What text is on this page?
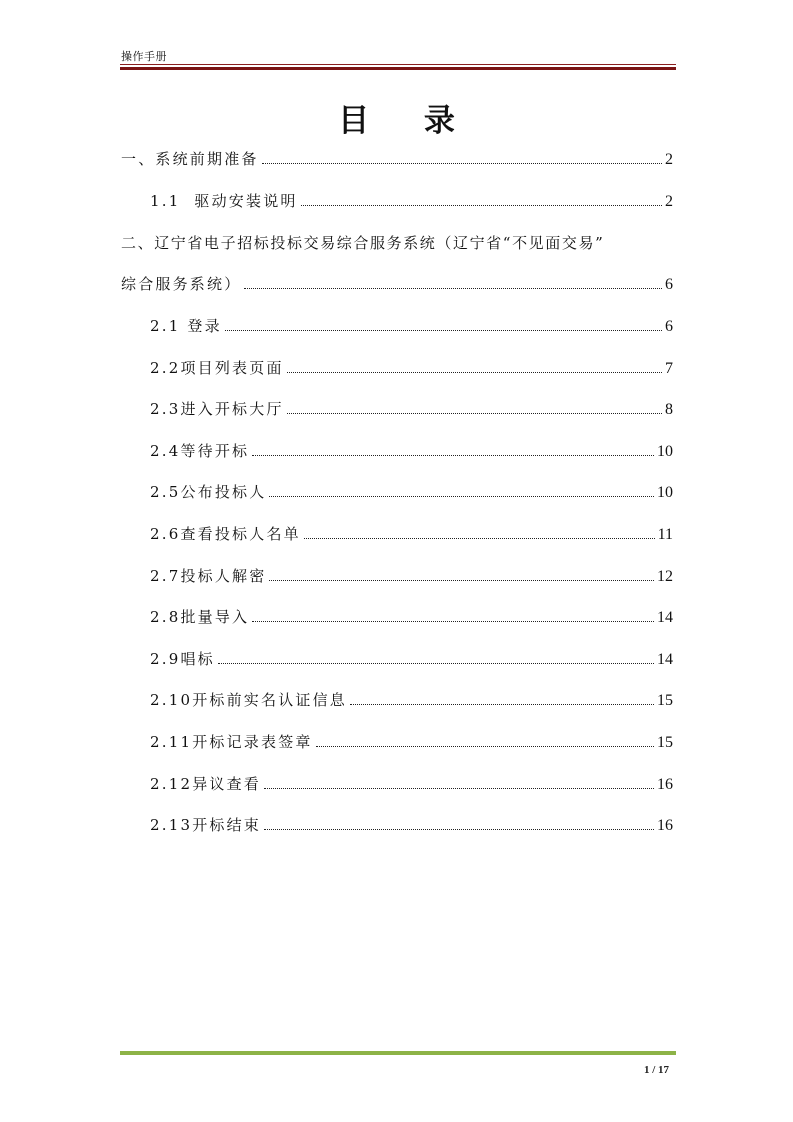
操作手册
目 录
一、系统前期准备	2
1.1  驱动安装说明	2
二、辽宁省电子招标投标交易综合服务系统（辽宁省“不见面交易”
综合服务系统）	6
2.1 登录	6
2.2项目列表页面	7
2.3进入开标大厅	8
2.4等待开标	10
2.5公布投标人	10
2.6查看投标人名单	11
2.7投标人解密	12
2.8批量导入	14
2.9唱标	14
2.10开标前实名认证信息	15
2.11开标记录表签章	15
2.12异议查看	16
2.13开标结束	16
1 / 17
